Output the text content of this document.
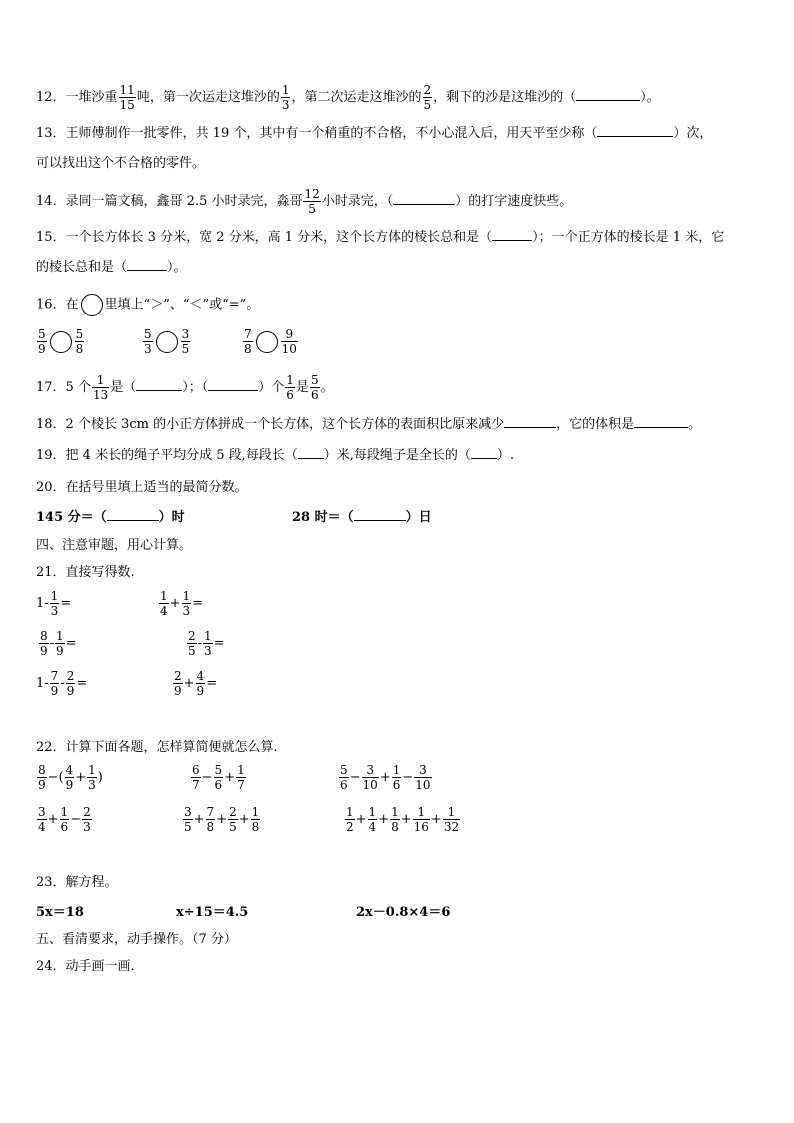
12．一堆沙重 $\frac{11}{15}$ 吨，第一次运走这堆沙的 $\frac{1}{3}$ ，第二次运走这堆沙的 $\frac{2}{5}$ ，剩下的沙是这堆沙的（	）。
13．王师傅制作一批零件，共 19 个，其中有一个稍重的不合格，不小心混入后，用天平至少称（	）次，
可以找出这个不合格的零件。
14．录同一篇文稿，鑫哥 2.5 小时录完，淼哥 $\frac{12}{5}$ 小时录完，（	）的打字速度快些。
15．一个长方体长 3 分米，宽 2 分米，高 1 分米，这个长方体的棱长总和是（	）；一个正方体的棱长是 1 米，它
的棱长总和是（	）。
16．在 里填上“＞”、“＜”或“=”。
$\frac{5}{9} \frac{5}{8}$	$\frac{5}{3} \frac{3}{5}$	$\frac{7}{8} \frac{9}{10}$
17．5 个 $\frac{1}{13}$ 是（	）；（	）个 $\frac{1}{6}$ 是 $\frac{5}{6}$ 。
18．2 个棱长 3cm 的小正方体拼成一个长方体，这个长方体的表面积比原来减少	，它的体积是	。
19．把 4 米长的绳子平均分成 5 段,每段长（ ）米,每段绳子是全长的（ ）.
20．在括号里填上适当的最简分数。
145 分＝（	）时	28 时＝（	）日
四、注意审题，用心计算。
21．直接写得数.
$1- \frac{1}{3}$ =	$\frac{1}{4} + \frac{1}{3}$ =
$\frac{8}{9} - \frac{1}{9}$ =	$\frac{2}{5} - \frac{1}{3}$ =
$1- \frac{7}{9} - \frac{2}{9}$ =	$\frac{2}{9} + \frac{4}{9}$ =
22．计算下面各题，怎样算简便就怎么算.
$\frac{8}{9}$ −( $\frac{4}{9} + \frac{1}{3}$ )	$\frac{6}{7} - \frac{5}{6} + \frac{1}{7}$	$\frac{5}{6} - \frac{3}{10} + \frac{1}{6} - \frac{3}{10}$
$\frac{3}{4} + \frac{1}{6} - \frac{2}{3}$	$\frac{3}{5} + \frac{7}{8} + \frac{2}{5} + \frac{1}{8}$	$\frac{1}{2} + \frac{1}{4} + \frac{1}{8} + \frac{1}{16} + \frac{1}{32}$
23．解方程。
5x＝18	x÷15＝4.5	2x－0.8×4＝6
五、看清要求，动手操作。（7 分）
24．动手画一画.
